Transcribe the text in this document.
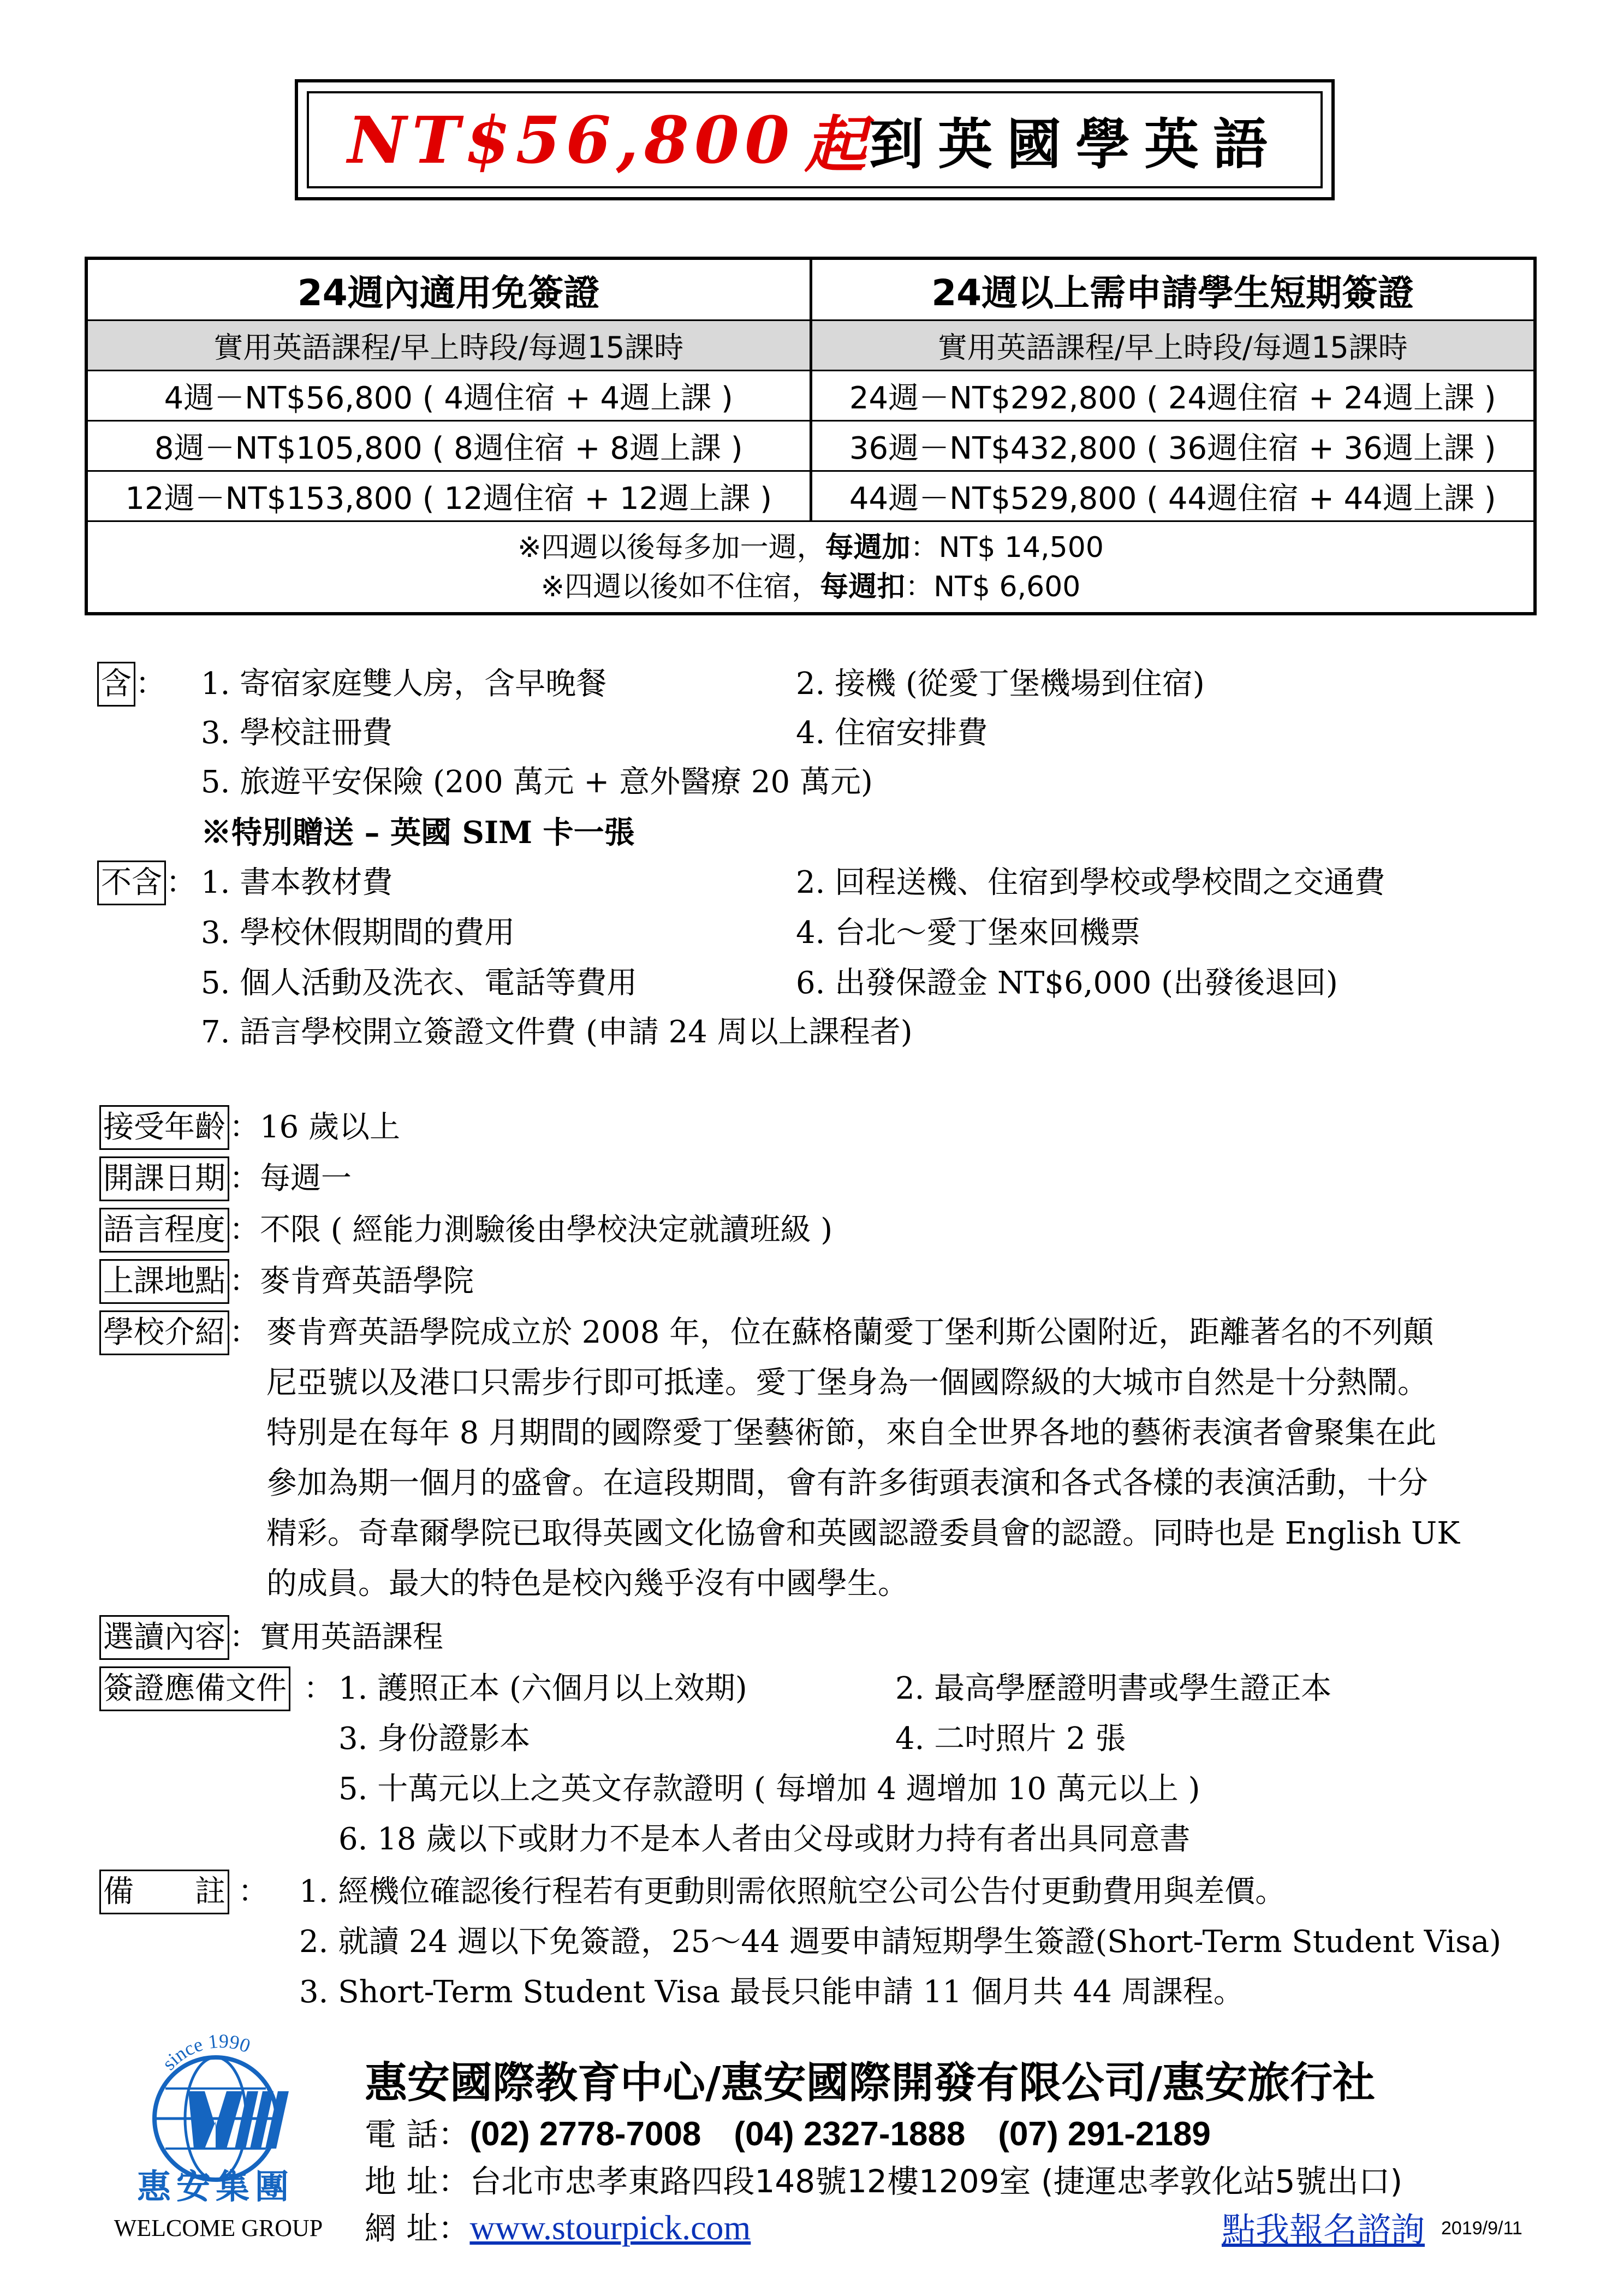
NT$56,800 起 到英國學英語
24週內適用免簽證	24週以上需申請學生短期簽證
實用英語課程/早上時段/每週15課時	實用英語課程/早上時段/每週15課時
4週－NT$56,800 ( 4週住宿 + 4週上課 )	24週－NT$292,800 ( 24週住宿 + 24週上課 )
8週－NT$105,800 ( 8週住宿 + 8週上課 )	36週－NT$432,800 ( 36週住宿 + 36週上課 )
12週－NT$153,800 ( 12週住宿 + 12週上課 )	44週－NT$529,800 ( 44週住宿 + 44週上課 )
※四週以後每多加一週，每週加：NT$ 14,500
※四週以後如不住宿，每週扣：NT$ 6,600
含 ： 1. 寄宿家庭雙人房，含早晚餐	2. 接機 (從愛丁堡機場到住宿)
3. 學校註冊費	4. 住宿安排費
5. 旅遊平安保險 (200 萬元 + 意外醫療 20 萬元)
※特別贈送 – 英國 SIM 卡一張
不含 ： 1. 書本教材費	2. 回程送機、住宿到學校或學校間之交通費
3. 學校休假期間的費用	4. 台北～愛丁堡來回機票
5. 個人活動及洗衣、電話等費用	6. 出發保證金 NT$6,000 (出發後退回)
7. 語言學校開立簽證文件費 (申請 24 周以上課程者)
接受年齡 ：16 歲以上
開課日期 ：每週一
語言程度 ：不限 ( 經能力測驗後由學校決定就讀班級 )
上課地點 ：麥肯齊英語學院
學校介紹 ： 麥肯齊英語學院成立於 2008 年，位在蘇格蘭愛丁堡利斯公園附近，距離著名的不列顛
尼亞號以及港口只需步行即可抵達。愛丁堡身為一個國際級的大城市自然是十分熱鬧。
特別是在每年 8 月期間的國際愛丁堡藝術節，來自全世界各地的藝術表演者會聚集在此
參加為期一個月的盛會。在這段期間，會有許多街頭表演和各式各樣的表演活動，十分
精彩。奇韋爾學院已取得英國文化協會和英國認證委員會的認證。同時也是 English UK
的成員。最大的特色是校內幾乎沒有中國學生。
選讀內容 ：實用英語課程
簽證應備文件 ： 1. 護照正本 (六個月以上效期)	2. 最高學歷證明書或學生證正本
3. 身份證影本	4. 二吋照片 2 張
5. 十萬元以上之英文存款證明 ( 每增加 4 週增加 10 萬元以上 )
6. 18 歲以下或財力不是本人者由父母或財力持有者出具同意書
備　　註 ： 1. 經機位確認後行程若有更動則需依照航空公司公告付更動費用與差價。
2. 就讀 24 週以下免簽證，25～44 週要申請短期學生簽證(Short-Term Student Visa)
3. Short-Term Student Visa 最長只能申請 11 個月共 44 周課程。
since 1990
惠安集團
WELCOME GROUP
惠安國際教育中心/惠安國際開發有限公司/惠安旅行社
電 話：(02) 2778-7008 (04) 2327-1888 (07) 291-2189
地 址：台北市忠孝東路四段148號12樓1209室 (捷運忠孝敦化站5號出口)
網 址：www.stourpick.com	點我報名諮詢 2019/9/11
